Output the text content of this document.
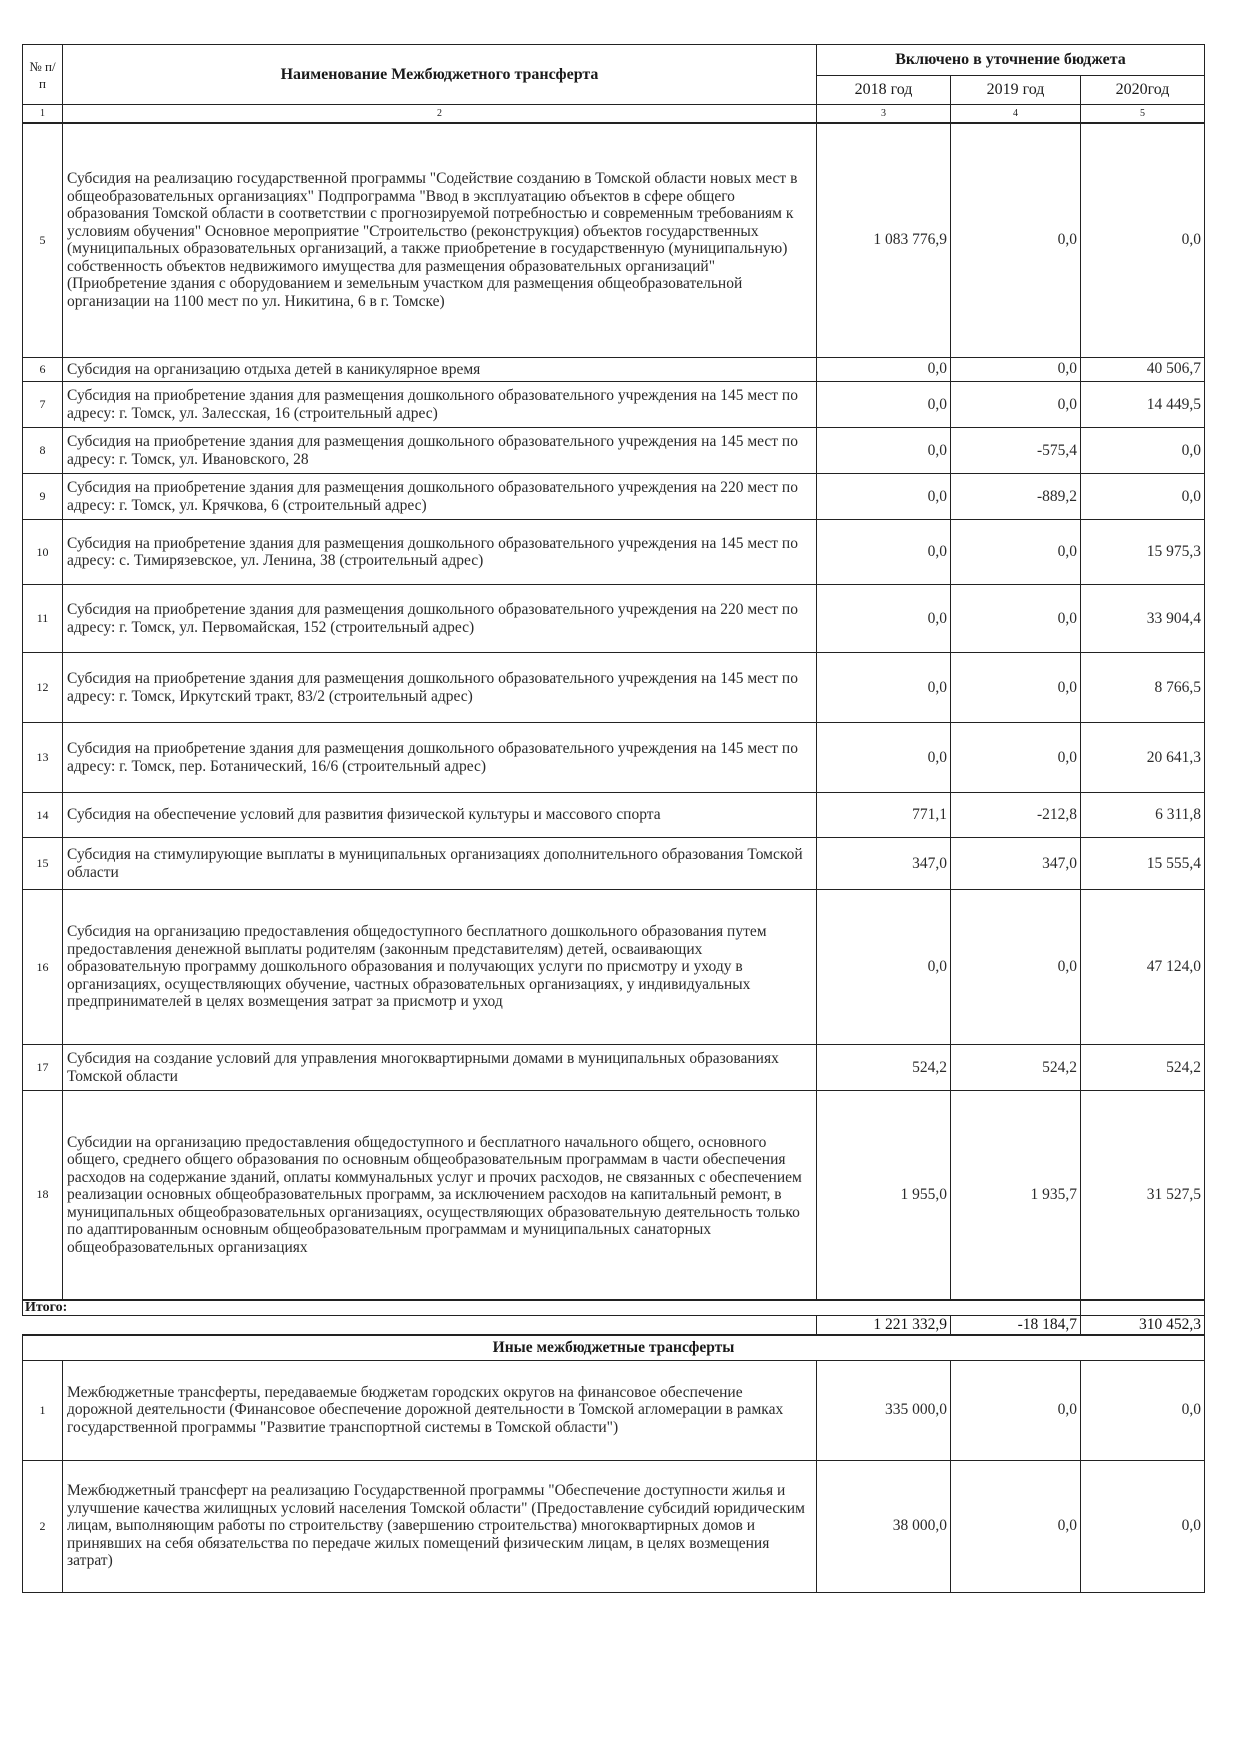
№ п/п	Наименование Межбюджетного трансферта	Включено в уточнение бюджета		
		2018 год	2019 год	2020год
1	2	3	4	5
5	Субсидия на реализацию государственной программы "Содействие созданию в Томской области новых мест в общеобразовательных организациях" Подпрограмма "Ввод в эксплуатацию объектов в сфере общего образования Томской области в соответствии с прогнозируемой потребностью и современным требованиям к условиям обучения" Основное мероприятие "Строительство (реконструкция) объектов государственных (муниципальных образовательных организаций, а также приобретение в государственную (муниципальную) собственность объектов недвижимого имущества для размещения образовательных организаций" (Приобретение здания с оборудованием и земельным участком для размещения общеобразовательной организации на 1100 мест по ул. Никитина, 6 в г. Томске)	1 083 776,9	0,0	0,0
6	Субсидия на организацию отдыха детей в каникулярное время	0,0	0,0	40 506,7
7	Субсидия на приобретение здания для размещения дошкольного образовательного учреждения на 145 мест по адресу: г. Томск, ул. Залесская, 16 (строительный адрес)	0,0	0,0	14 449,5
8	Субсидия на приобретение здания для размещения дошкольного образовательного учреждения на 145 мест по адресу: г. Томск, ул. Ивановского, 28	0,0	-575,4	0,0
9	Субсидия на приобретение здания для размещения дошкольного образовательного учреждения на 220 мест по адресу: г. Томск, ул. Крячкова, 6 (строительный адрес)	0,0	-889,2	0,0
10	Субсидия на приобретение здания для размещения дошкольного образовательного учреждения на 145 мест по адресу: с. Тимирязевское, ул. Ленина, 38 (строительный адрес)	0,0	0,0	15 975,3
11	Субсидия на приобретение здания для размещения дошкольного образовательного учреждения на 220 мест по адресу: г. Томск, ул. Первомайская, 152 (строительный адрес)	0,0	0,0	33 904,4
12	Субсидия на приобретение здания для размещения дошкольного образовательного учреждения на 145 мест по адресу: г. Томск, Иркутский тракт, 83/2 (строительный адрес)	0,0	0,0	8 766,5
13	Субсидия на приобретение здания для размещения дошкольного образовательного учреждения на 145 мест по адресу: г. Томск, пер. Ботанический, 16/6 (строительный адрес)	0,0	0,0	20 641,3
14	Субсидия на обеспечение условий для развития физической культуры и массового спорта	771,1	-212,8	6 311,8
15	Субсидия на стимулирующие выплаты в муниципальных организациях дополнительного образования Томской области	347,0	347,0	15 555,4
16	Субсидия на организацию предоставления общедоступного бесплатного дошкольного образования путем предоставления денежной выплаты родителям (законным представителям) детей, осваивающих образовательную программу дошкольного образования и получающих услуги по присмотру и уходу в организациях, осуществляющих обучение, частных образовательных организациях, у индивидуальных предпринимателей в целях возмещения затрат за присмотр и уход	0,0	0,0	47 124,0
17	Субсидия на создание условий для управления многоквартирными домами в муниципальных образованиях Томской области	524,2	524,2	524,2
18	Субсидии на организацию предоставления общедоступного и бесплатного начального общего, основного общего, среднего общего образования по основным общеобразовательным программам в части обеспечения расходов на содержание зданий, оплаты коммунальных услуг и прочих расходов, не связанных с обеспечением реализации основных общеобразовательных программ, за исключением расходов на капитальный ремонт, в муниципальных общеобразовательных организациях, осуществляющих образовательную деятельность только по адаптированным основным общеобразовательным программам и муниципальных санаторных общеобразовательных организациях	1 955,0	1 935,7	31 527,5
Итого:				
		1 221 332,9	-18 184,7	310 452,3
Иные межбюджетные трансферты				
1	Межбюджетные трансферты, передаваемые бюджетам городских округов на финансовое обеспечение дорожной деятельности (Финансовое обеспечение дорожной деятельности в Томской агломерации в рамках государственной программы "Развитие транспортной системы в Томской области")	335 000,0	0,0	0,0
2	Межбюджетный трансферт на реализацию Государственной программы "Обеспечение доступности жилья и улучшение качества жилищных условий населения Томской области" (Предоставление субсидий юридическим лицам, выполняющим работы по строительству (завершению строительства) многоквартирных домов и принявших на себя обязательства по передаче жилых помещений физическим лицам, в целях возмещения затрат)	38 000,0	0,0	0,0
